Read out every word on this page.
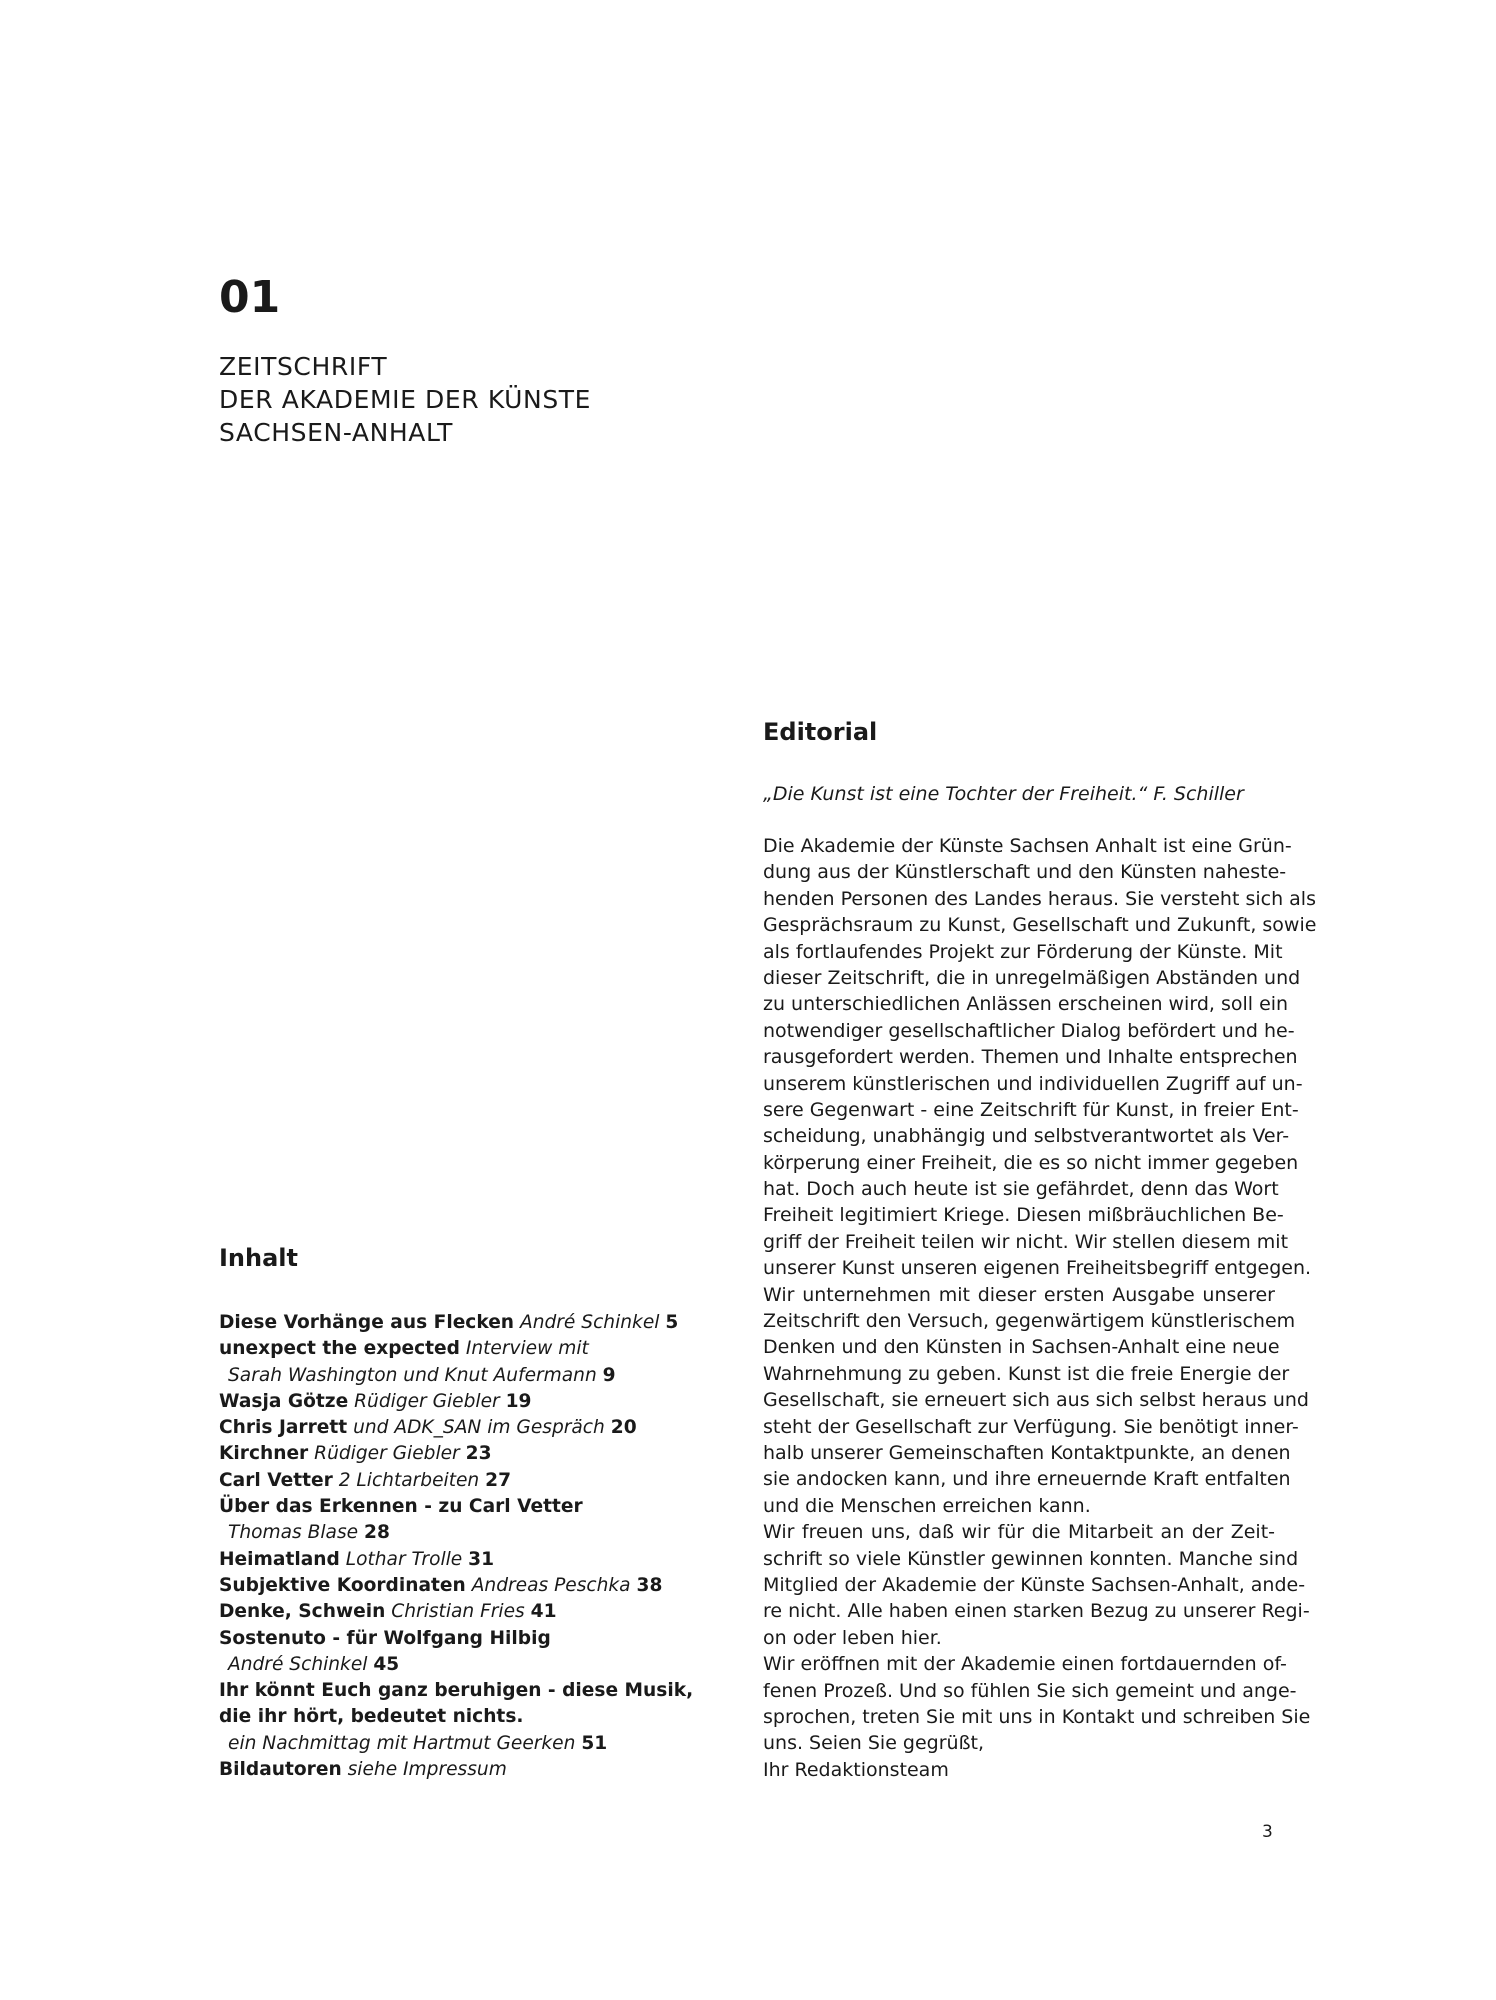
01
ZEITSCHRIFT
DER AKADEMIE DER KÜNSTE
SACHSEN-ANHALT
Editorial
„Die Kunst ist eine Tochter der Freiheit.“ F. Schiller
Die Akademie der Künste Sachsen Anhalt ist eine Grün-
dung aus der Künstlerschaft und den Künsten naheste-
henden Personen des Landes heraus. Sie versteht sich als
Gesprächsraum zu Kunst, Gesellschaft und Zukunft, sowie
als fortlaufendes Projekt zur Förderung der Künste. Mit
dieser Zeitschrift, die in unregelmäßigen Abständen und
zu unterschiedlichen Anlässen erscheinen wird, soll ein
notwendiger gesellschaftlicher Dialog befördert und he-
rausgefordert werden. Themen und Inhalte entsprechen
unserem künstlerischen und individuellen Zugriff auf un-
sere Gegenwart - eine Zeitschrift für Kunst, in freier Ent-
scheidung, unabhängig und selbstverantwortet als Ver-
körperung einer Freiheit, die es so nicht immer gegeben
hat. Doch auch heute ist sie gefährdet, denn das Wort
Freiheit legitimiert Kriege. Diesen mißbräuchlichen Be-
griff der Freiheit teilen wir nicht. Wir stellen diesem mit
unserer Kunst unseren eigenen Freiheitsbegriff entgegen.
Wir unternehmen mit dieser ersten Ausgabe unserer
Zeitschrift den Versuch, gegenwärtigem künstlerischem
Denken und den Künsten in Sachsen-Anhalt eine neue
Wahrnehmung zu geben. Kunst ist die freie Energie der
Gesellschaft, sie erneuert sich aus sich selbst heraus und
steht der Gesellschaft zur Verfügung. Sie benötigt inner-
halb unserer Gemeinschaften Kontaktpunkte, an denen
sie andocken kann, und ihre erneuernde Kraft entfalten
und die Menschen erreichen kann.
Wir freuen uns, daß wir für die Mitarbeit an der Zeit-
schrift so viele Künstler gewinnen konnten. Manche sind
Mitglied der Akademie der Künste Sachsen-Anhalt, ande-
re nicht. Alle haben einen starken Bezug zu unserer Regi-
on oder leben hier.
Wir eröffnen mit der Akademie einen fortdauernden of-
fenen Prozeß. Und so fühlen Sie sich gemeint und ange-
sprochen, treten Sie mit uns in Kontakt und schreiben Sie
uns. Seien Sie gegrüßt,
Ihr Redaktionsteam
Inhalt
Diese Vorhänge aus Flecken André Schinkel 5
unexpect the expected Interview mit
Sarah Washington und Knut Aufermann 9
Wasja Götze Rüdiger Giebler 19
Chris Jarrett und ADK_SAN im Gespräch 20
Kirchner Rüdiger Giebler 23
Carl Vetter 2 Lichtarbeiten 27
Über das Erkennen - zu Carl Vetter
Thomas Blase 28
Heimatland Lothar Trolle 31
Subjektive Koordinaten Andreas Peschka 38
Denke, Schwein Christian Fries 41
Sostenuto - für Wolfgang Hilbig
André Schinkel 45
Ihr könnt Euch ganz beruhigen - diese Musik,
die ihr hört, bedeutet nichts.
ein Nachmittag mit Hartmut Geerken 51
Bildautoren siehe Impressum
3
